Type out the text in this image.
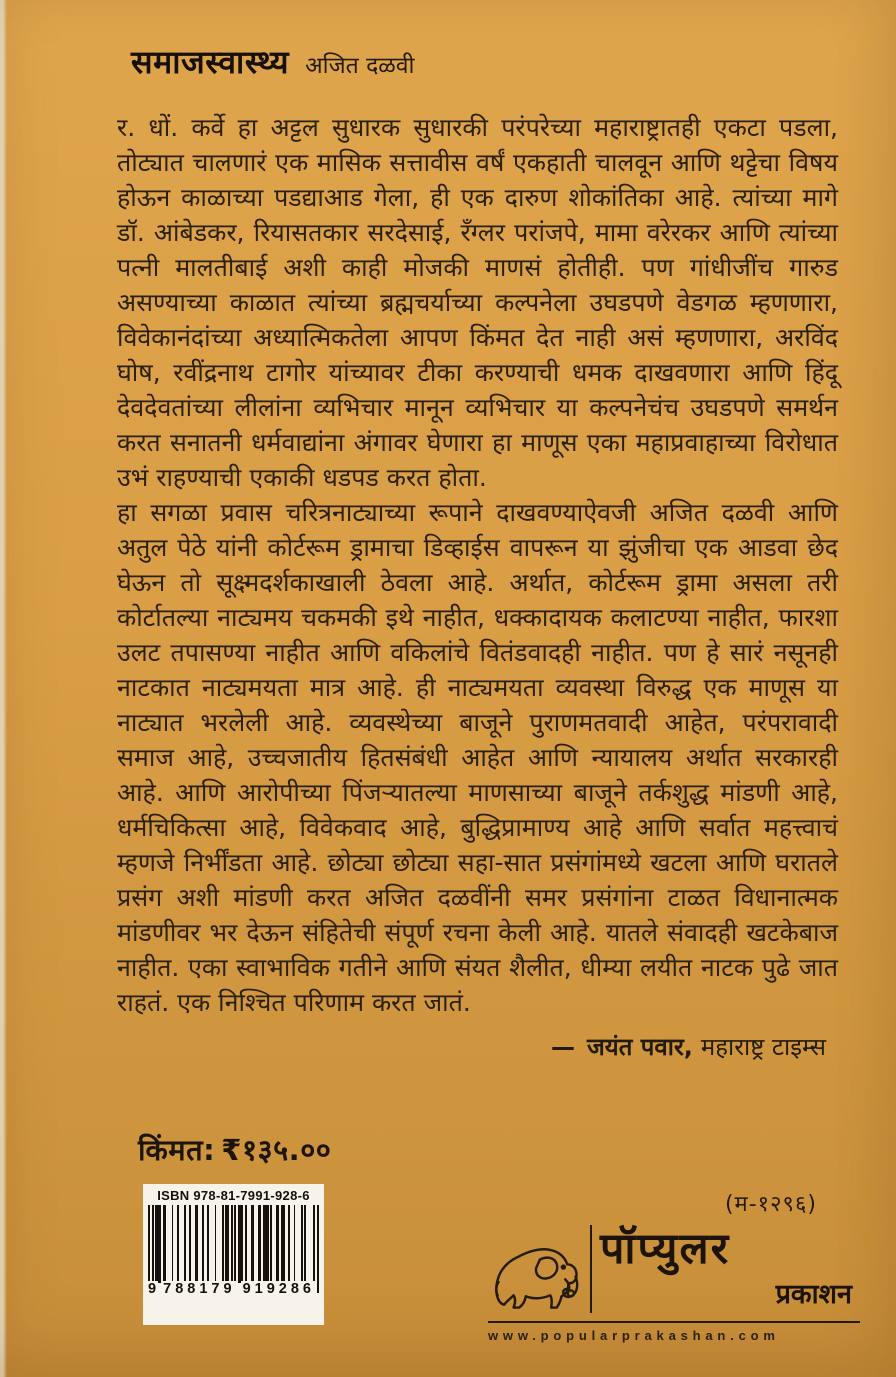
समाजस्वास्थ्य अजित दळवी

र. धों. कर्वे हा अट्टल सुधारक सुधारकी परंपरेच्या महाराष्ट्रातही एकटा पडला, तोट्यात चालणारं एक मासिक सत्तावीस वर्षं एकहाती चालवून आणि थट्टेचा विषय होऊन काळाच्या पडद्याआड गेला, ही एक दारुण शोकांतिका आहे. त्यांच्या मागे डॉ. आंबेडकर, रियासतकार सरदेसाई, रँग्लर परांजपे, मामा वरेरकर आणि त्यांच्या पत्नी मालतीबाई अशी काही मोजकी माणसं होतीही. पण गांधीजींच गारुड असण्याच्या काळात त्यांच्या ब्रह्मचर्याच्या कल्पनेला उघडपणे वेडगळ म्हणणारा, विवेकानंदांच्या अध्यात्मिकतेला आपण किंमत देत नाही असं म्हणणारा, अरविंद घोष, रवींद्रनाथ टागोर यांच्यावर टीका करण्याची धमक दाखवणारा आणि हिंदू देवदेवतांच्या लीलांना व्यभिचार मानून व्यभिचार या कल्पनेचंच उघडपणे समर्थन करत सनातनी धर्मवाद्यांना अंगावर घेणारा हा माणूस एका महाप्रवाहाच्या विरोधात उभं राहण्याची एकाकी धडपड करत होता.

हा सगळा प्रवास चरित्रनाट्याच्या रूपाने दाखवण्याऐवजी अजित दळवी आणि अतुल पेठे यांनी कोर्टरूम ड्रामाचा डिव्हाईस वापरून या झुंजीचा एक आडवा छेद घेऊन तो सूक्ष्मदर्शकाखाली ठेवला आहे. अर्थात, कोर्टरूम ड्रामा असला तरी कोर्टातल्या नाट्यमय चकमकी इथे नाहीत, धक्कादायक कलाटण्या नाहीत, फारशा उलट तपासण्या नाहीत आणि वकिलांचे वितंडवादही नाहीत. पण हे सारं नसूनही नाटकात नाट्यमयता मात्र आहे. ही नाट्यमयता व्यवस्था विरुद्ध एक माणूस या नाट्यात भरलेली आहे. व्यवस्थेच्या बाजूने पुराणमतवादी आहेत, परंपरावादी समाज आहे, उच्चजातीय हितसंबंधी आहेत आणि न्यायालय अर्थात सरकारही आहे. आणि आरोपीच्या पिंजऱ्यातल्या माणसाच्या बाजूने तर्कशुद्ध मांडणी आहे, धर्मचिकित्सा आहे, विवेकवाद आहे, बुद्धिप्रामाण्य आहे आणि सर्वात महत्त्वाचं म्हणजे निर्भींडता आहे. छोट्या छोट्या सहा-सात प्रसंगांमध्ये खटला आणि घरातले प्रसंग अशी मांडणी करत अजित दळवींनी समर प्रसंगांना टाळत विधानात्मक मांडणीवर भर देऊन संहितेची संपूर्ण रचना केली आहे. यातले संवादही खटकेबाज नाहीत. एका स्वाभाविक गतीने आणि संयत शैलीत, धीम्या लयीत नाटक पुढे जात राहतं. एक निश्चित परिणाम करत जातं.

— जयंत पवार, महाराष्ट्र टाइम्स
किंमत: ₹१३५.००
ISBN 978-81-7991-928-6
9 788179 919286
(म-१२९६)
पॉप्युलर
प्रकाशन
www.popularprakashan.com
